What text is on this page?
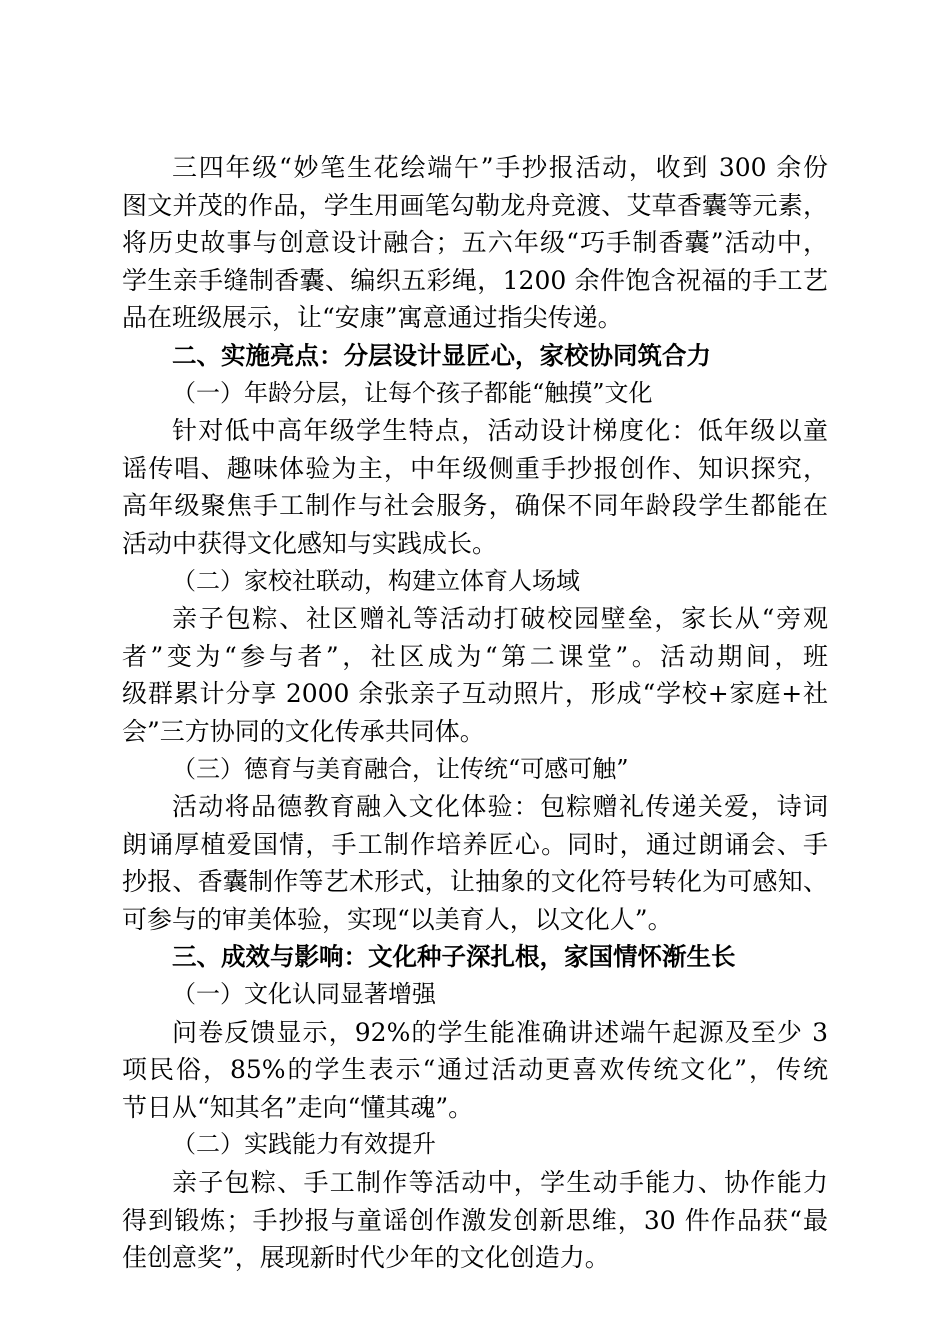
三四年级“妙笔生花绘端午”手抄报活动，收到 300 余份
图文并茂的作品，学生用画笔勾勒龙舟竞渡、艾草香囊等元素，
将历史故事与创意设计融合；五六年级“巧手制香囊”活动中，
学生亲手缝制香囊、编织五彩绳，1200 余件饱含祝福的手工艺
品在班级展示，让“安康”寓意通过指尖传递。
二、实施亮点：分层设计显匠心，家校协同筑合力
（一）年龄分层，让每个孩子都能“触摸”文化
针对低中高年级学生特点，活动设计梯度化：低年级以童
谣传唱、趣味体验为主，中年级侧重手抄报创作、知识探究，
高年级聚焦手工制作与社会服务，确保不同年龄段学生都能在
活动中获得文化感知与实践成长。
（二）家校社联动，构建立体育人场域
亲子包粽、社区赠礼等活动打破校园壁垒，家长从“旁观
者”变为“参与者”，社区成为“第二课堂”。活动期间，班
级群累计分享 2000 余张亲子互动照片，形成“学校+家庭+社
会”三方协同的文化传承共同体。
（三）德育与美育融合，让传统“可感可触”
活动将品德教育融入文化体验：包粽赠礼传递关爱，诗词
朗诵厚植爱国情，手工制作培养匠心。同时，通过朗诵会、手
抄报、香囊制作等艺术形式，让抽象的文化符号转化为可感知、
可参与的审美体验，实现“以美育人，以文化人”。
三、成效与影响：文化种子深扎根，家国情怀渐生长
（一）文化认同显著增强
问卷反馈显示，92%的学生能准确讲述端午起源及至少 3
项民俗，85%的学生表示“通过活动更喜欢传统文化”，传统
节日从“知其名”走向“懂其魂”。
（二）实践能力有效提升
亲子包粽、手工制作等活动中，学生动手能力、协作能力
得到锻炼；手抄报与童谣创作激发创新思维，30 件作品获“最
佳创意奖”，展现新时代少年的文化创造力。
